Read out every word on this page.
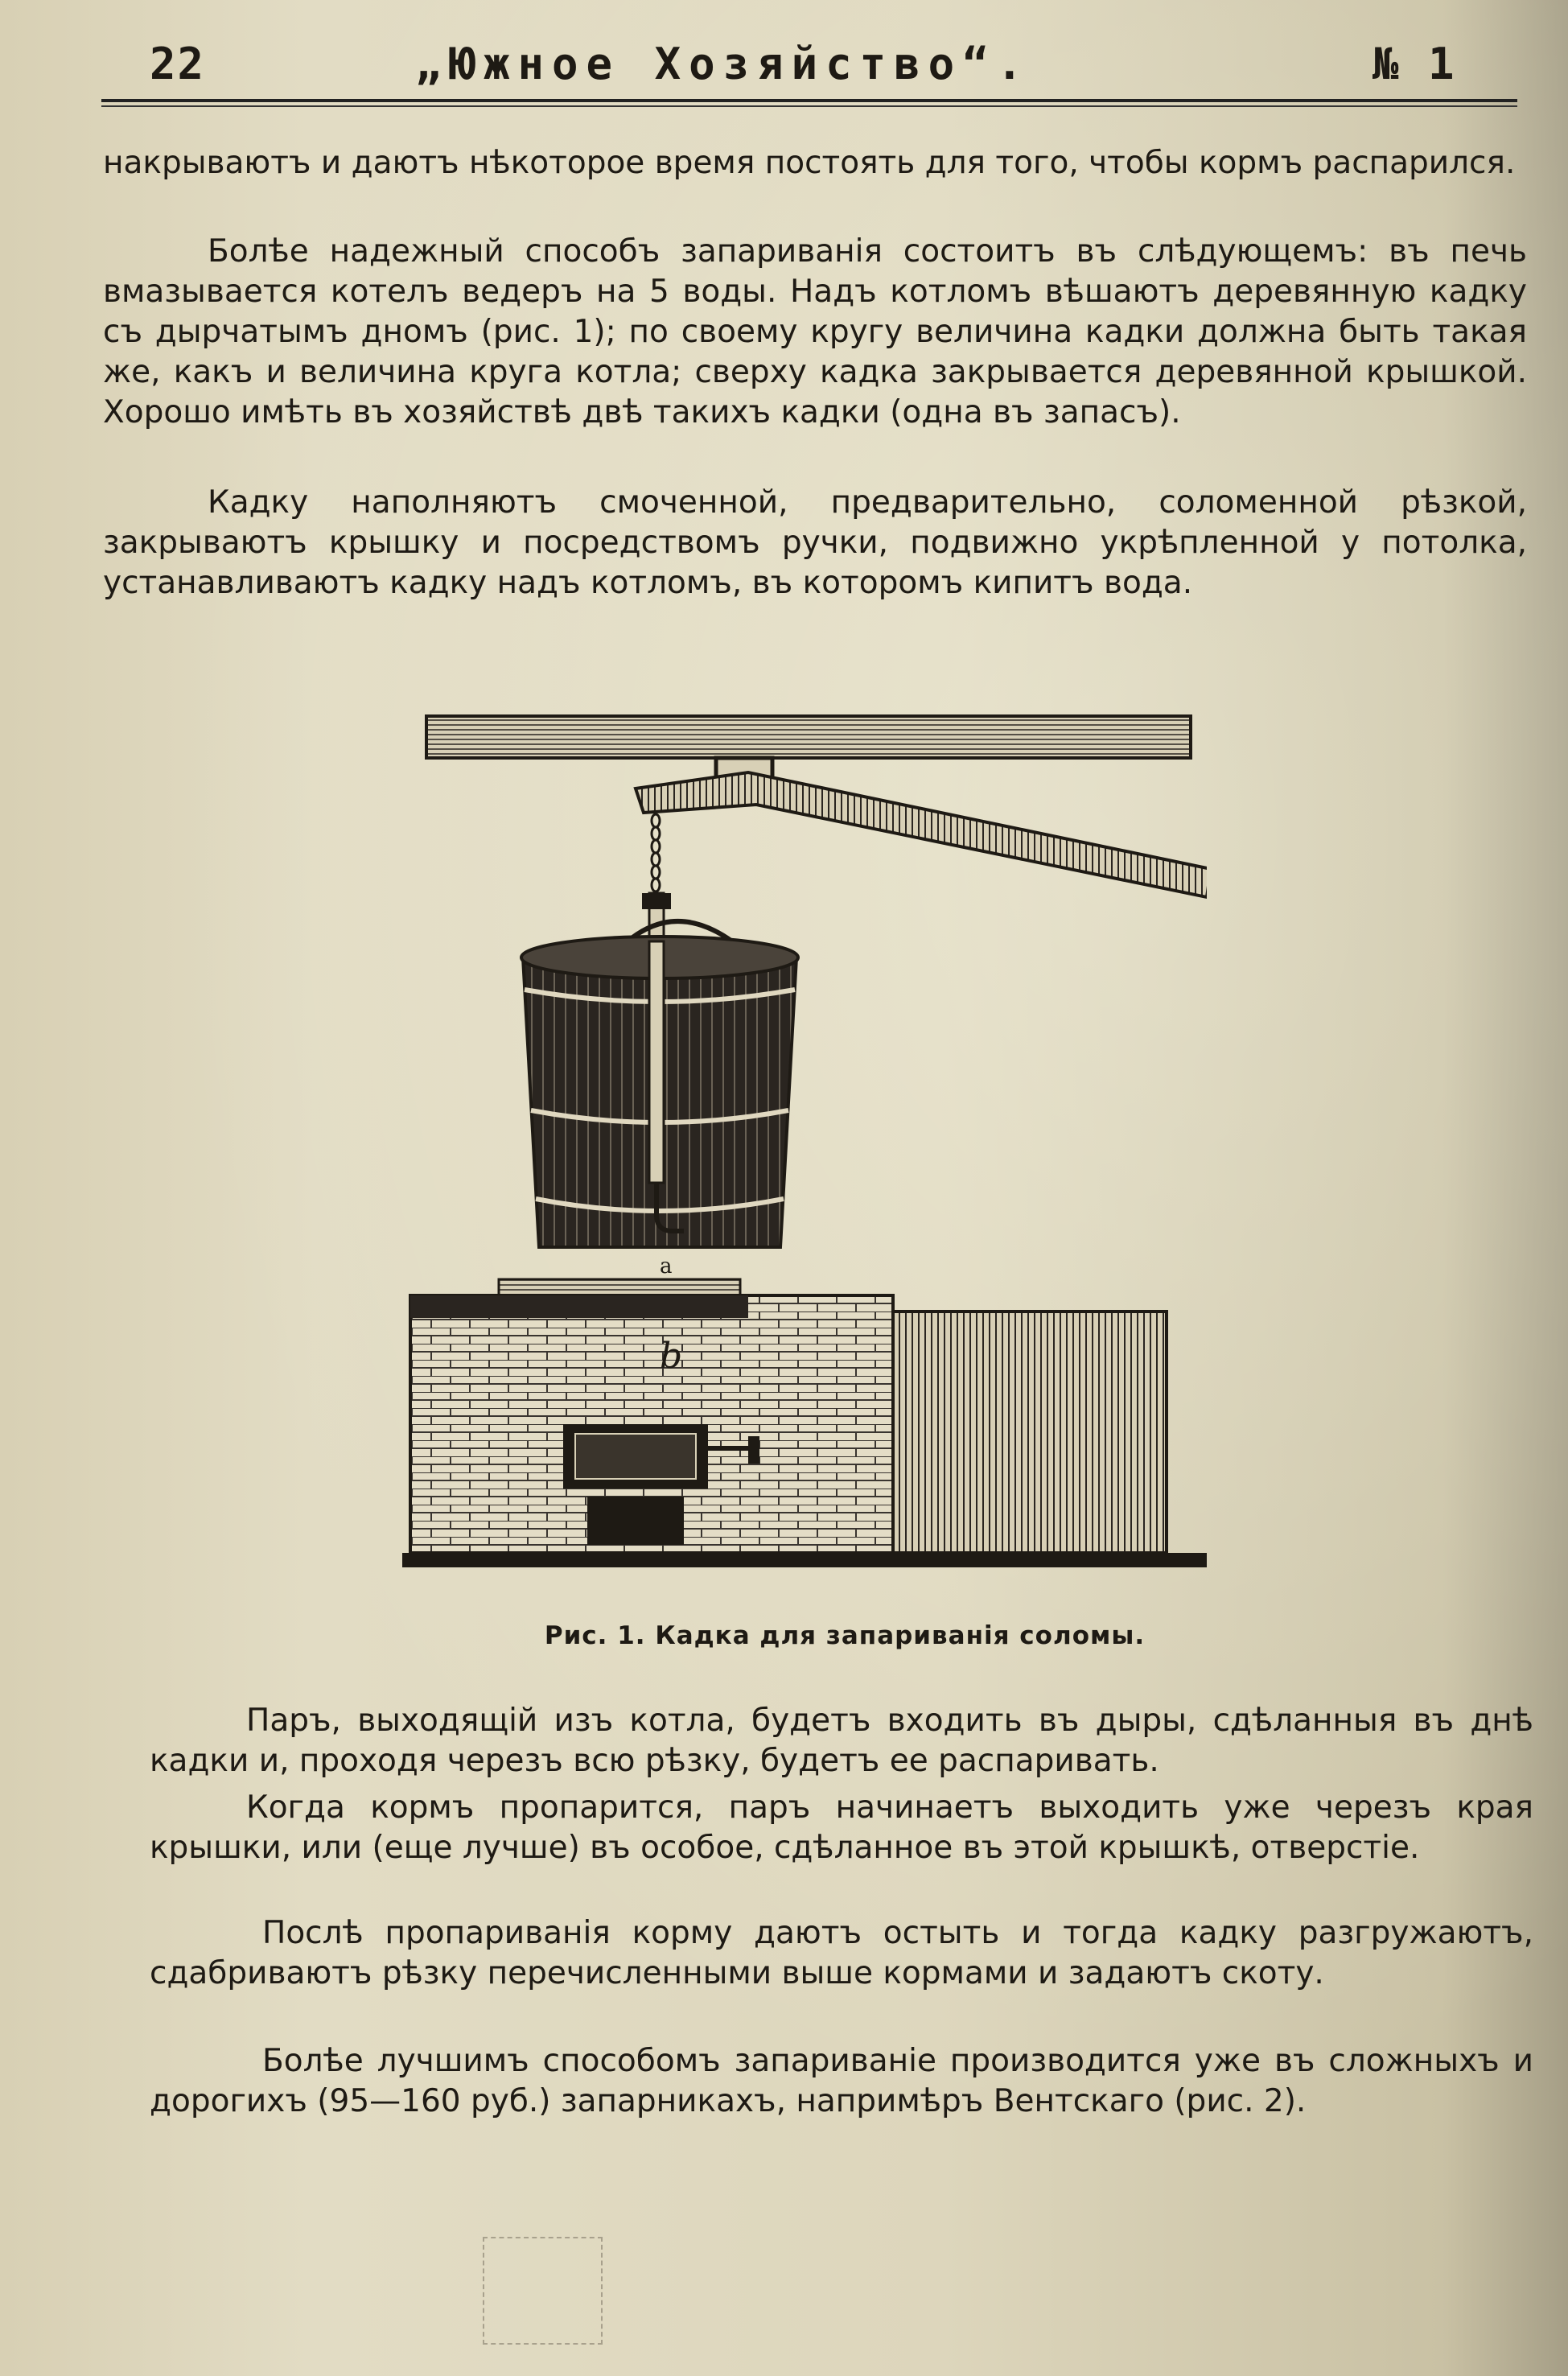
22	„Южное Хозяйство“.	№ 1

накрываютъ и даютъ нѣкоторое время постоять для того, чтобы кормъ распарился.

Болѣе надежный способъ запариванія состоитъ въ слѣдующемъ: въ печь вмазывается котелъ ведеръ на 5 воды. Надъ котломъ вѣшаютъ деревянную кадку съ дырчатымъ дномъ (рис. 1); по своему кругу величина кадки должна быть такая же, какъ и величина круга котла; сверху кадка закрывается деревянной крышкой. Хорошо имѣть въ хозяйствѣ двѣ такихъ кадки (одна въ запасъ).

Кадку наполняютъ смоченной, предварительно, соломенной рѣзкой, закрываютъ крышку и посредствомъ ручки, подвижно укрѣпленной у потолка, устанавливаютъ кадку надъ котломъ, въ которомъ кипитъ вода.

a
b
Рис. 1. Кадка для запариванія соломы.

Паръ, выходящій изъ котла, будетъ входить въ дыры, сдѣланныя въ днѣ кадки и, проходя черезъ всю рѣзку, будетъ ее распаривать.

Когда кормъ пропарится, паръ начинаетъ выходить уже черезъ края крышки, или (еще лучше) въ особое, сдѣланное въ этой крышкѣ, отверстіе.

Послѣ пропариванія корму даютъ остыть и тогда кадку разгружаютъ, сдабриваютъ рѣзку перечисленными выше кормами и задаютъ скоту.

Болѣе лучшимъ способомъ запариваніе производится уже въ сложныхъ и дорогихъ (95—160 руб.) запарникахъ, напримѣръ Вентскаго (рис. 2).
